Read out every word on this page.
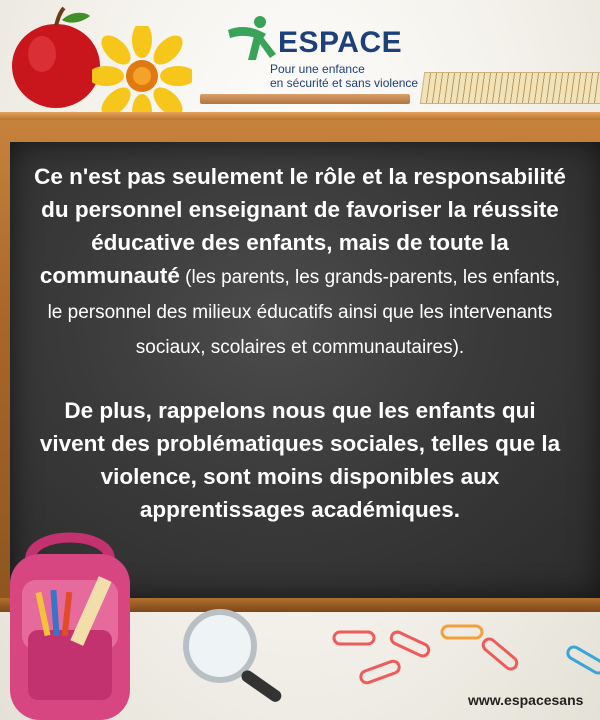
ESPACE
Pour une enfance
en sécurité et sans violence
Ce n'est pas seulement le rôle et la responsabilité du personnel enseignant de favoriser la réussite éducative des enfants, mais de toute la communauté (les parents, les grands-parents, les enfants, le personnel des milieux éducatifs ainsi que les intervenants sociaux, scolaires et communautaires).
De plus, rappelons nous que les enfants qui vivent des problématiques sociales, telles que la violence, sont moins disponibles aux apprentissages académiques.
www.espacesans
